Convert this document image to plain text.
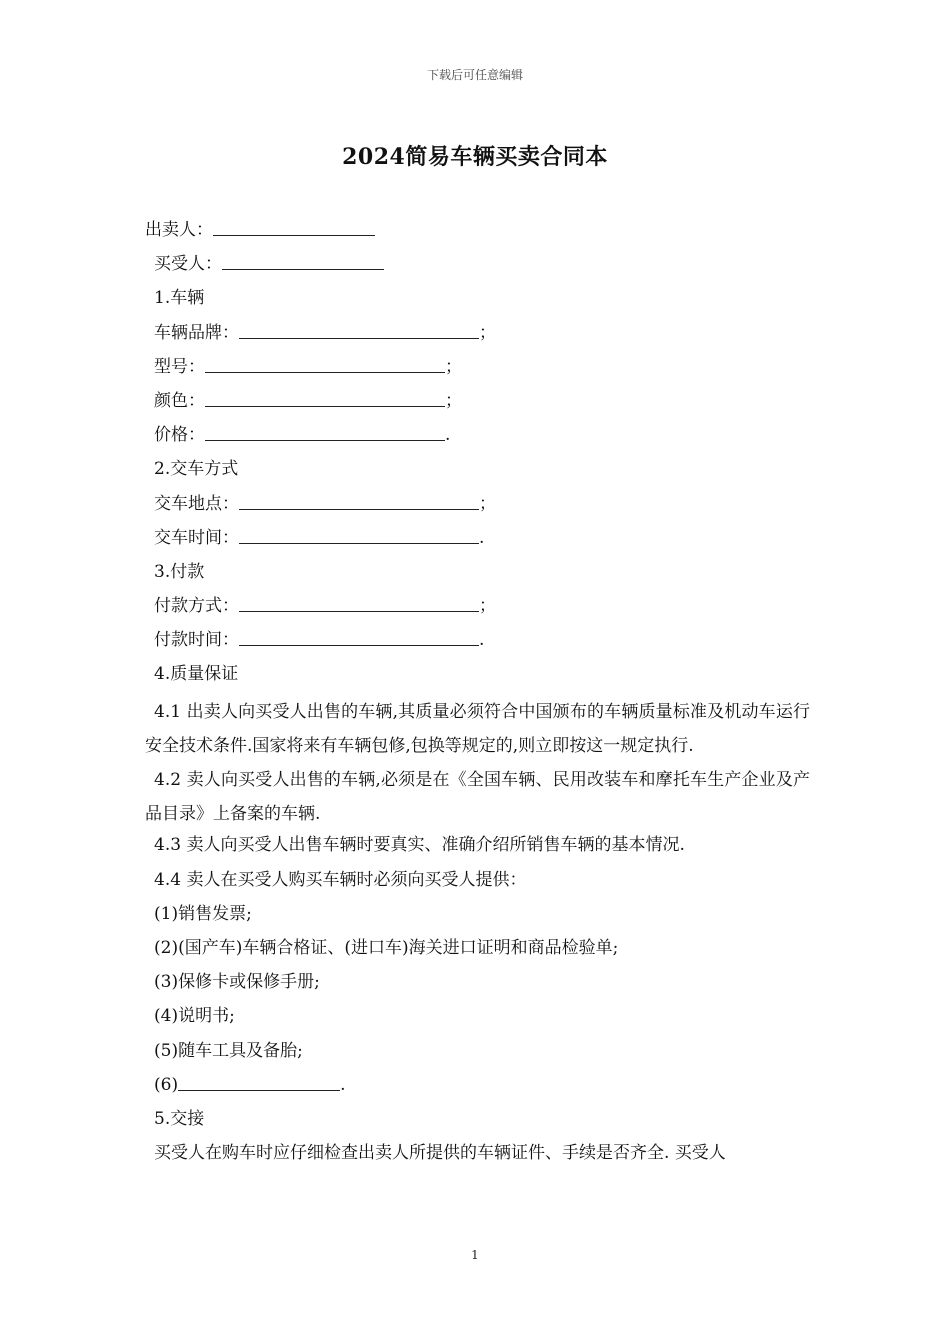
下载后可任意编辑
2024简易车辆买卖合同本
出卖人：
买受人：
1.车辆
车辆品牌：	；
型号：	；
颜色：	；
价格：	.
2.交车方式
交车地点：	；
交车时间：	.
3.付款
付款方式：	；
付款时间：	.
4.质量保证
4.1 出卖人向买受人出售的车辆,其质量必须符合中国颁布的车辆质量标准及机动车运行安全技术条件.国家将来有车辆包修,包换等规定的,则立即按这一规定执行.
4.2 卖人向买受人出售的车辆,必须是在《全国车辆、民用改装车和摩托车生产企业及产品目录》上备案的车辆.
4.3 卖人向买受人出售车辆时要真实、准确介绍所销售车辆的基本情况.
4.4 卖人在买受人购买车辆时必须向买受人提供：
(1)销售发票;
(2)(国产车)车辆合格证、(进口车)海关进口证明和商品检验单;
(3)保修卡或保修手册;
(4)说明书;
(5)随车工具及备胎;
(6)	.
5.交接
买受人在购车时应仔细检查出卖人所提供的车辆证件、手续是否齐全. 买受人
1
